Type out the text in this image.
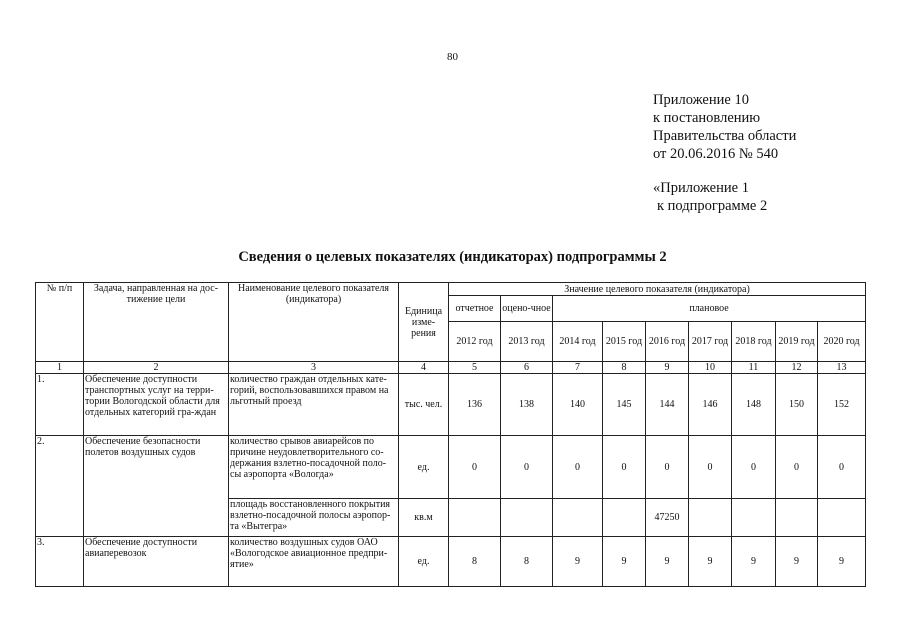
80
Приложение 10
к постановлению
Правительства области
от 20.06.2016 № 540
«Приложение 1
к подпрограмме 2
Сведения о целевых показателях (индикаторах) подпрограммы 2
№ п/п	Задача, направленная на дос-тижение цели	Наименование целевого показателя (индикатора)	Единица изме-рения	Значение целевого показателя (индикатора)								
				отчетное	оцено-чное	плановое						
				2012 год	2013 год	2014 год	2015 год	2016 год	2017 год	2018 год	2019 год	2020 год
1	2	3	4	5	6	7	8	9	10	11	12	13
1.	Обеспечение доступности транспортных услуг на терри-тории Вологодской области для отдельных категорий гра-ждан	количество граждан отдельных кате-горий, воспользовавшихся правом на льготный проезд	тыс. чел.	136	138	140	145	144	146	148	150	152
2.	Обеспечение безопасности полетов воздушных судов	количество срывов авиарейсов по причине неудовлетворительного со-держания взлетно-посадочной поло-сы аэропорта «Вологда»	ед.	0	0	0	0	0	0	0	0	0
		площадь восстановленного покрытия взлетно-посадочной полосы аэропор-та «Вытегра»	кв.м					47250				
3.	Обеспечение доступности авиаперевозок	количество воздушных судов ОАО «Вологодское авиационное предпри-ятие»	ед.	8	8	9	9	9	9	9	9	9
